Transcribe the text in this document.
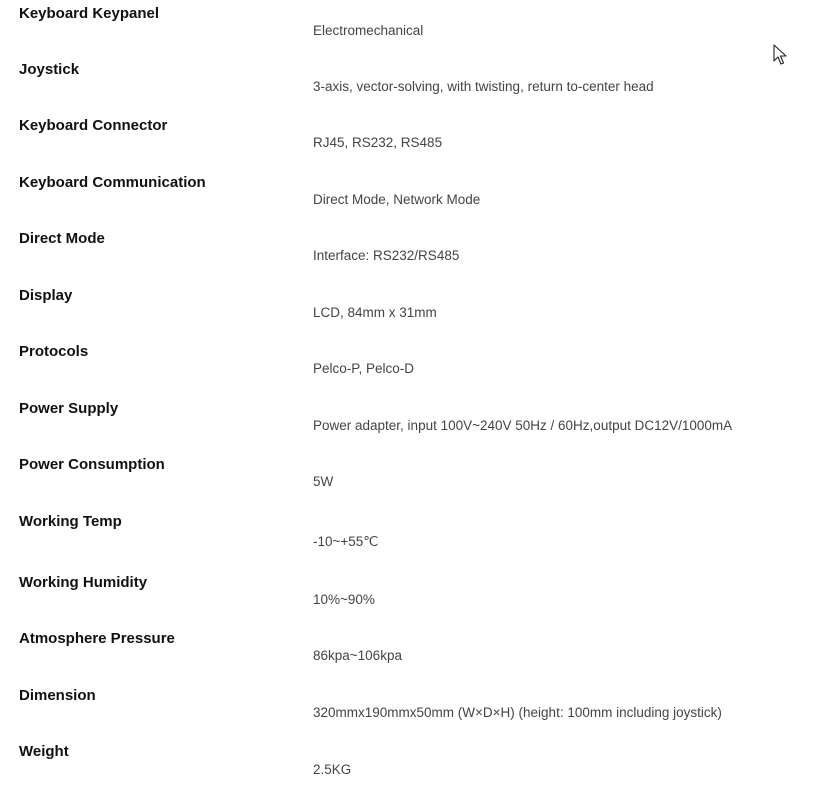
Keyboard Keypanel
Electromechanical
Joystick
3-axis, vector-solving, with twisting, return to-center head
Keyboard Connector
RJ45, RS232, RS485
Keyboard Communication
Direct Mode, Network Mode
Direct Mode
Interface: RS232/RS485
Display
LCD, 84mm x 31mm
Protocols
Pelco-P, Pelco-D
Power Supply
Power adapter, input 100V~240V 50Hz / 60Hz,output DC12V/1000mA
Power Consumption
5W
Working Temp
-10~+55℃
Working Humidity
10%~90%
Atmosphere Pressure
86kpa~106kpa
Dimension
320mmx190mmx50mm (W×D×H) (height: 100mm including joystick)
Weight
2.5KG
